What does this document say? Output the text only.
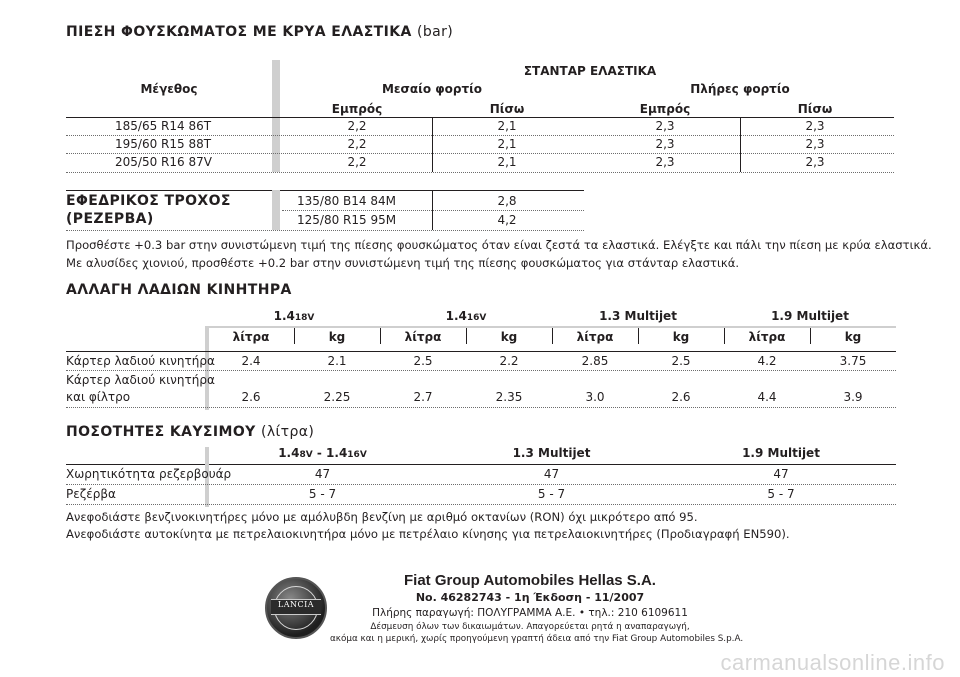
ΠΙΕΣΗ ΦΟΥΣΚΩΜΑΤΟΣ ΜΕ ΚΡΥΑ ΕΛΑΣΤΙΚΑ (bar)
ΣΤΑΝΤΑΡ ΕΛΑΣΤΙΚΑ
Μέγεθος	Μεσαίο φορτίο	Πλήρες φορτίο
Εμπρός	Πίσω	Εμπρός	Πίσω
185/65 R14 86T	2,2	2,1	2,3	2,3
195/60 R15 88T	2,2	2,1	2,3	2,3
205/50 R16 87V	2,2	2,1	2,3	2,3
ΕΦΕΔΡΙΚΟΣ ΤΡΟΧΟΣ
(ΡΕΖΕΡΒΑ)
135/80 B14 84M	2,8
125/80 R15 95M	4,2
Προσθέστε +0.3 bar στην συνιστώμενη τιμή της πίεσης φουσκώματος όταν είναι ζεστά τα ελαστικά. Ελέγξτε και πάλι την πίεση με κρύα ελαστικά.
Με αλυσίδες χιονιού, προσθέστε +0.2 bar στην συνιστώμενη τιμή της πίεσης φουσκώματος για στάνταρ ελαστικά.
ΑΛΛΑΓΗ ΛΑΔΙΩΝ ΚΙΝΗΤΗΡΑ
1.418V	1.416V	1.3 Multijet	1.9 Multijet
λίτρα	kg	λίτρα	kg	λίτρα	kg	λίτρα	kg
Κάρτερ λαδιού κινητήρα	2.4	2.1	2.5	2.2	2.85	2.5	4.2	3.75
Κάρτερ λαδιού κινητήρα
και φίλτρο	2.6	2.25	2.7	2.35	3.0	2.6	4.4	3.9
ΠΟΣΟΤΗΤΕΣ ΚΑΥΣΙΜΟΥ (λίτρα)
1.48V - 1.416V	1.3 Multijet	1.9 Multijet
Χωρητικότητα ρεζερβουάρ	47	47	47
Ρεζέρβα	5 - 7	5 - 7	5 - 7
Ανεφοδιάστε βενζινοκινητήρες μόνο με αμόλυβδη βενζίνη με αριθμό οκτανίων (RON) όχι μικρότερο από 95.
Ανεφοδιάστε αυτοκίνητα με πετρελαιοκινητήρα μόνο με πετρέλαιο κίνησης για πετρελαιοκινητήρες (Προδιαγραφή EN590).
LANCIA
Fiat Group Automobiles Hellas S.A.
No. 46282743 - 1η Έκδοση - 11/2007
Πλήρης παραγωγή: ΠΟΛΥΓΡΑΜΜΑ Α.Ε. • τηλ.: 210 6109611
Δέσμευση όλων των δικαιωμάτων. Απαγορεύεται ρητά η αναπαραγωγή,
ακόμα και η μερική, χωρίς προηγούμενη γραπτή άδεια από την Fiat Group Automobiles S.p.A.
carmanualsonline.info
